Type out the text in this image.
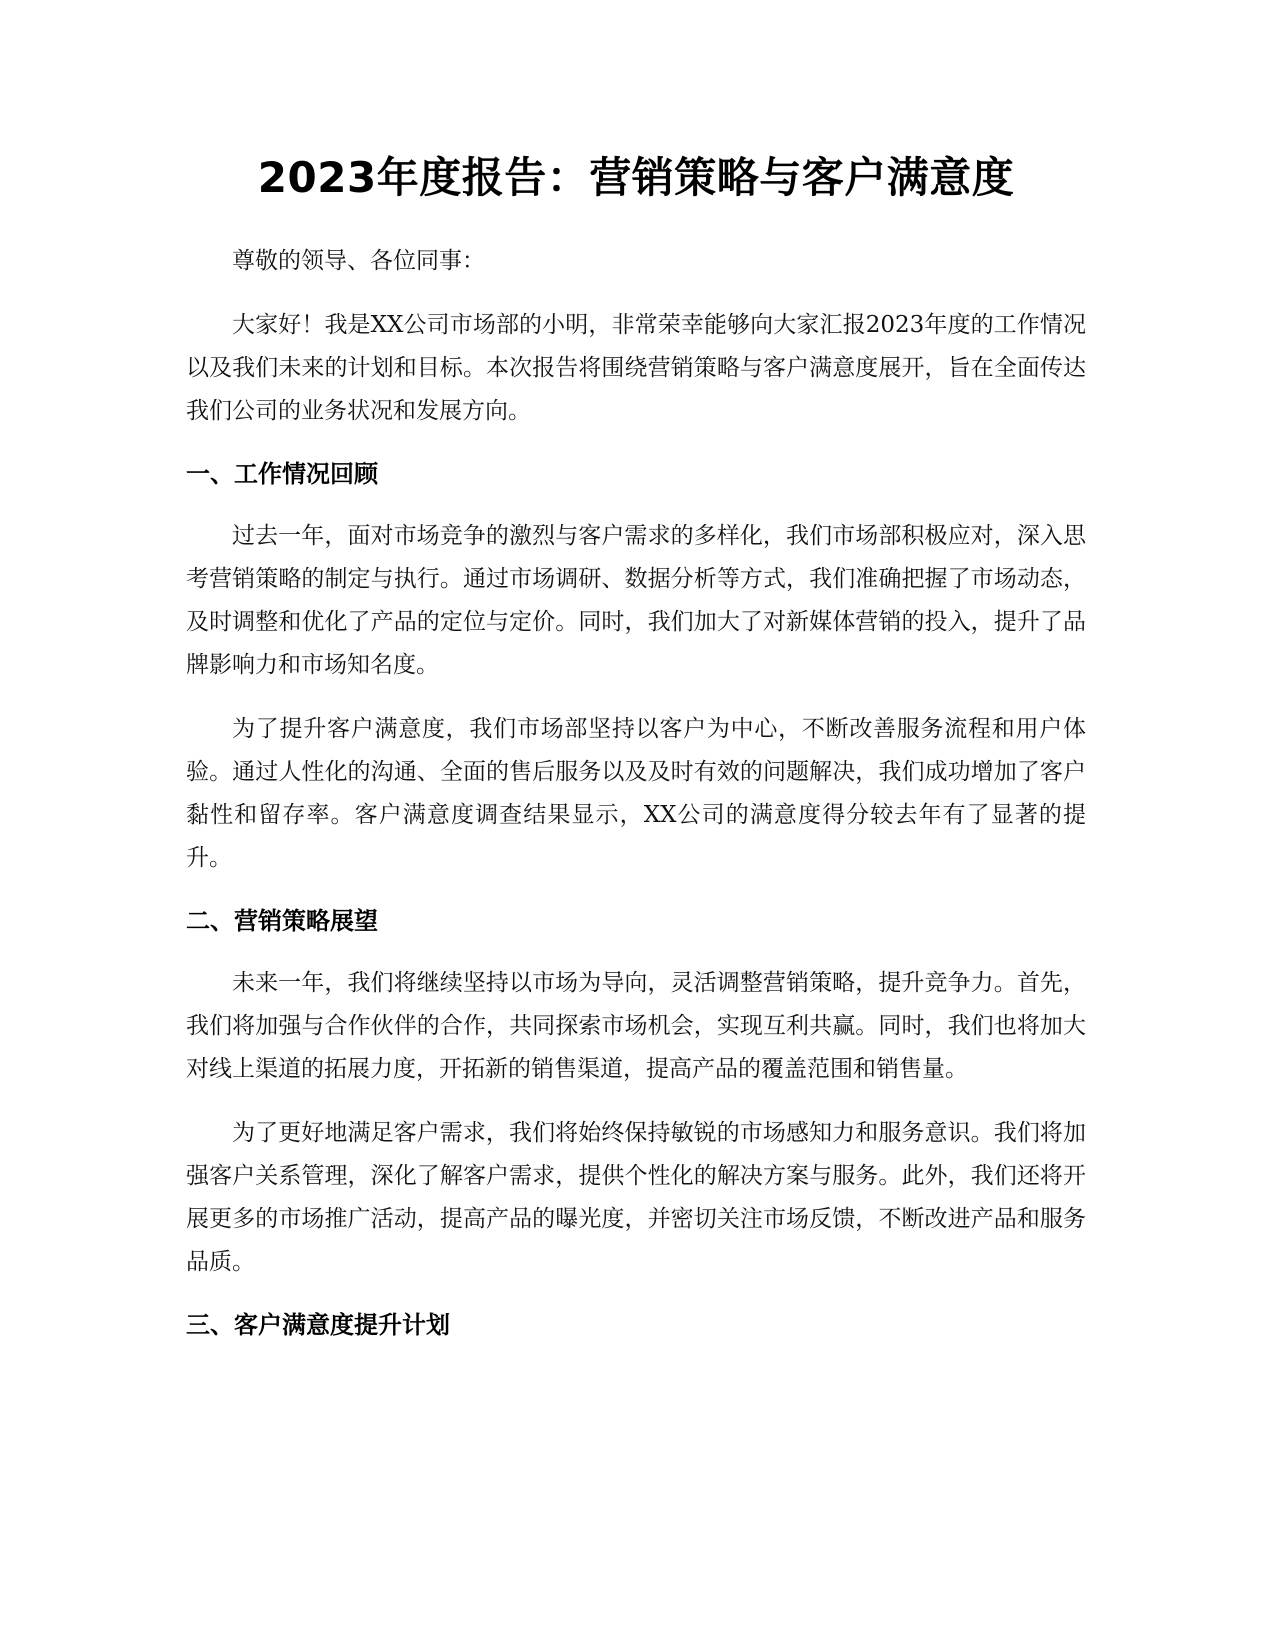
2023年度报告：营销策略与客户满意度

尊敬的领导、各位同事：

大家好！我是XX公司市场部的小明，非常荣幸能够向大家汇报2023年度的工作情况以及我们未来的计划和目标。本次报告将围绕营销策略与客户满意度展开，旨在全面传达我们公司的业务状况和发展方向。

一、工作情况回顾

过去一年，面对市场竞争的激烈与客户需求的多样化，我们市场部积极应对，深入思考营销策略的制定与执行。通过市场调研、数据分析等方式，我们准确把握了市场动态，及时调整和优化了产品的定位与定价。同时，我们加大了对新媒体营销的投入，提升了品牌影响力和市场知名度。

为了提升客户满意度，我们市场部坚持以客户为中心，不断改善服务流程和用户体验。通过人性化的沟通、全面的售后服务以及及时有效的问题解决，我们成功增加了客户黏性和留存率。客户满意度调查结果显示，XX公司的满意度得分较去年有了显著的提升。

二、营销策略展望

未来一年，我们将继续坚持以市场为导向，灵活调整营销策略，提升竞争力。首先，我们将加强与合作伙伴的合作，共同探索市场机会，实现互利共赢。同时，我们也将加大对线上渠道的拓展力度，开拓新的销售渠道，提高产品的覆盖范围和销售量。

为了更好地满足客户需求，我们将始终保持敏锐的市场感知力和服务意识。我们将加强客户关系管理，深化了解客户需求，提供个性化的解决方案与服务。此外，我们还将开展更多的市场推广活动，提高产品的曝光度，并密切关注市场反馈，不断改进产品和服务品质。

三、客户满意度提升计划
